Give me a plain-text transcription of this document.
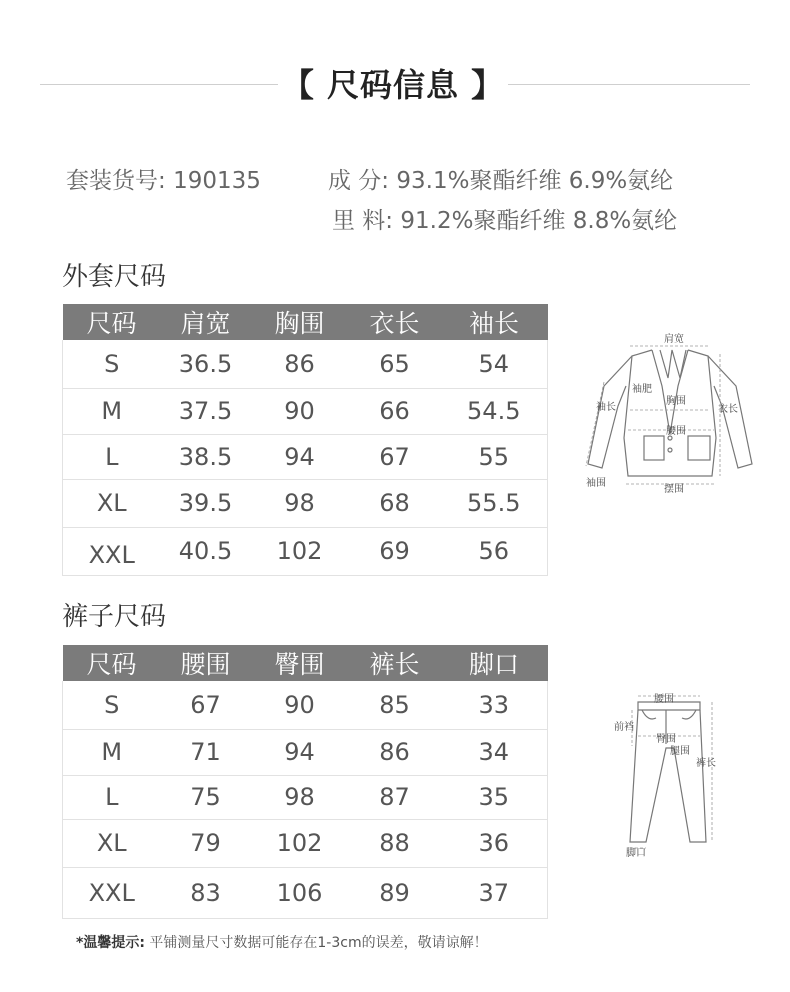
【 尺码信息 】
套装货号: 190135	成 分: 93.1%聚酯纤维 6.9%氨纶
里 料: 91.2%聚酯纤维 8.8%氨纶
外套尺码
尺码	肩宽	胸围	衣长	袖长
S	36.5	86	65	54
M	37.5	90	66	54.5
L	38.5	94	67	55
XL	39.5	98	68	55.5
XXL	40.5	102	69	56
肩宽
袖肥
胸围
腰围
袖长	衣长
袖围
摆围
裤子尺码
尺码	腰围	臀围	裤长	脚口
S	67	90	85	33
M	71	94	86	34
L	75	98	87	35
XL	79	102	88	36
XXL	83	106	89	37
腰围
前裆
臀围
腿围
裤长
脚口
*温馨提示: 平铺测量尺寸数据可能存在1-3cm的误差，敬请谅解！
